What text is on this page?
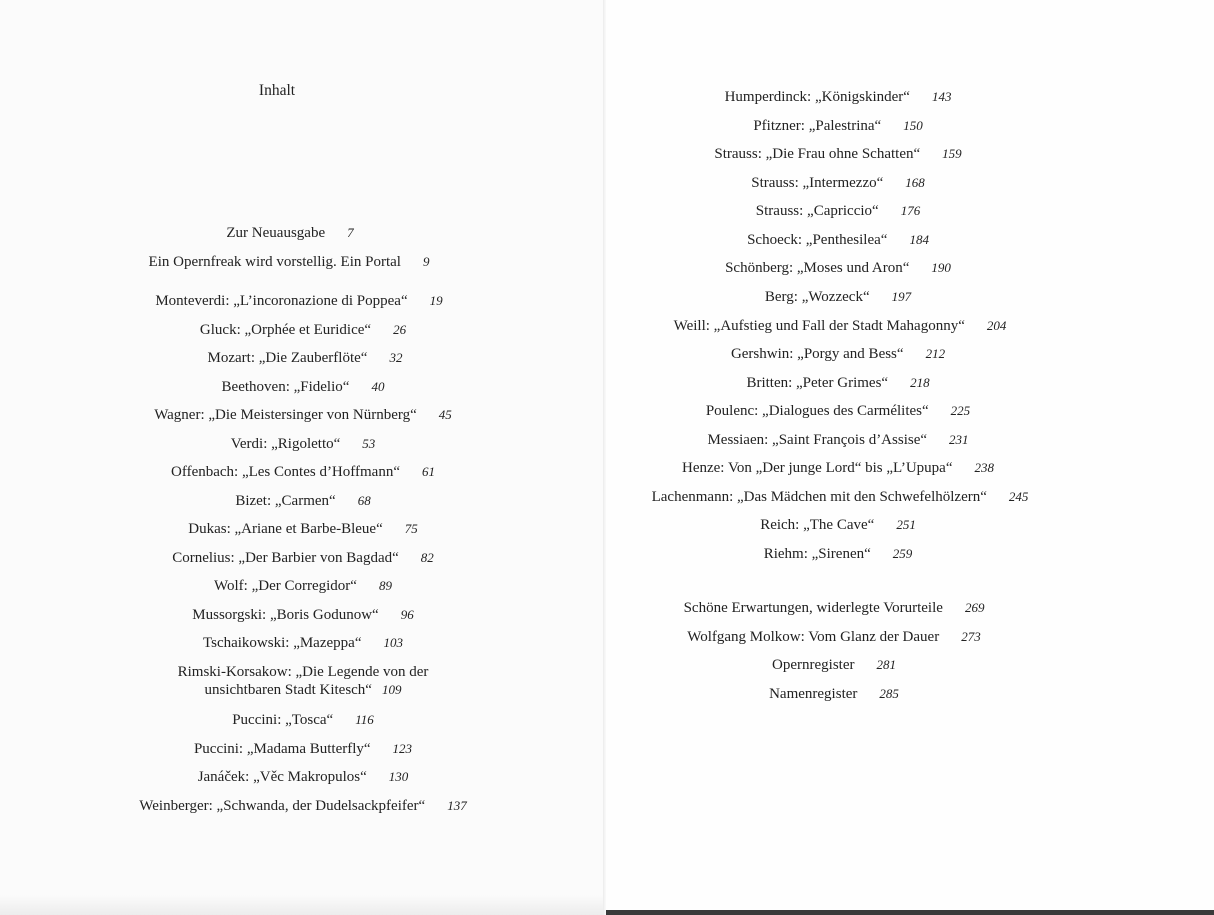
Inhalt
Zur Neuausgabe 7
Ein Opernfreak wird vorstellig. Ein Portal 9
Monteverdi: „L’incoronazione di Poppea“ 19
Gluck: „Orphée et Euridice“ 26
Mozart: „Die Zauberflöte“ 32
Beethoven: „Fidelio“ 40
Wagner: „Die Meistersinger von Nürnberg“ 45
Verdi: „Rigoletto“ 53
Offenbach: „Les Contes d’Hoffmann“ 61
Bizet: „Carmen“ 68
Dukas: „Ariane et Barbe-Bleue“ 75
Cornelius: „Der Barbier von Bagdad“ 82
Wolf: „Der Corregidor“ 89
Mussorgski: „Boris Godunow“ 96
Tschaikowski: „Mazeppa“ 103
Rimski-Korsakow: „Die Legende von der
unsichtbaren Stadt Kitesch“ 109
Puccini: „Tosca“ 116
Puccini: „Madama Butterfly“ 123
Janáček: „Věc Makropulos“ 130
Weinberger: „Schwanda, der Dudelsackpfeifer“ 137
Humperdinck: „Königskinder“ 143
Pfitzner: „Palestrina“ 150
Strauss: „Die Frau ohne Schatten“ 159
Strauss: „Intermezzo“ 168
Strauss: „Capriccio“ 176
Schoeck: „Penthesilea“ 184
Schönberg: „Moses und Aron“ 190
Berg: „Wozzeck“ 197
Weill: „Aufstieg und Fall der Stadt Mahagonny“ 204
Gershwin: „Porgy and Bess“ 212
Britten: „Peter Grimes“ 218
Poulenc: „Dialogues des Carmélites“ 225
Messiaen: „Saint François d’Assise“ 231
Henze: Von „Der junge Lord“ bis „L’Upupa“ 238
Lachenmann: „Das Mädchen mit den Schwefelhölzern“ 245
Reich: „The Cave“ 251
Riehm: „Sirenen“ 259
Schöne Erwartungen, widerlegte Vorurteile 269
Wolfgang Molkow: Vom Glanz der Dauer 273
Opernregister 281
Namenregister 285
